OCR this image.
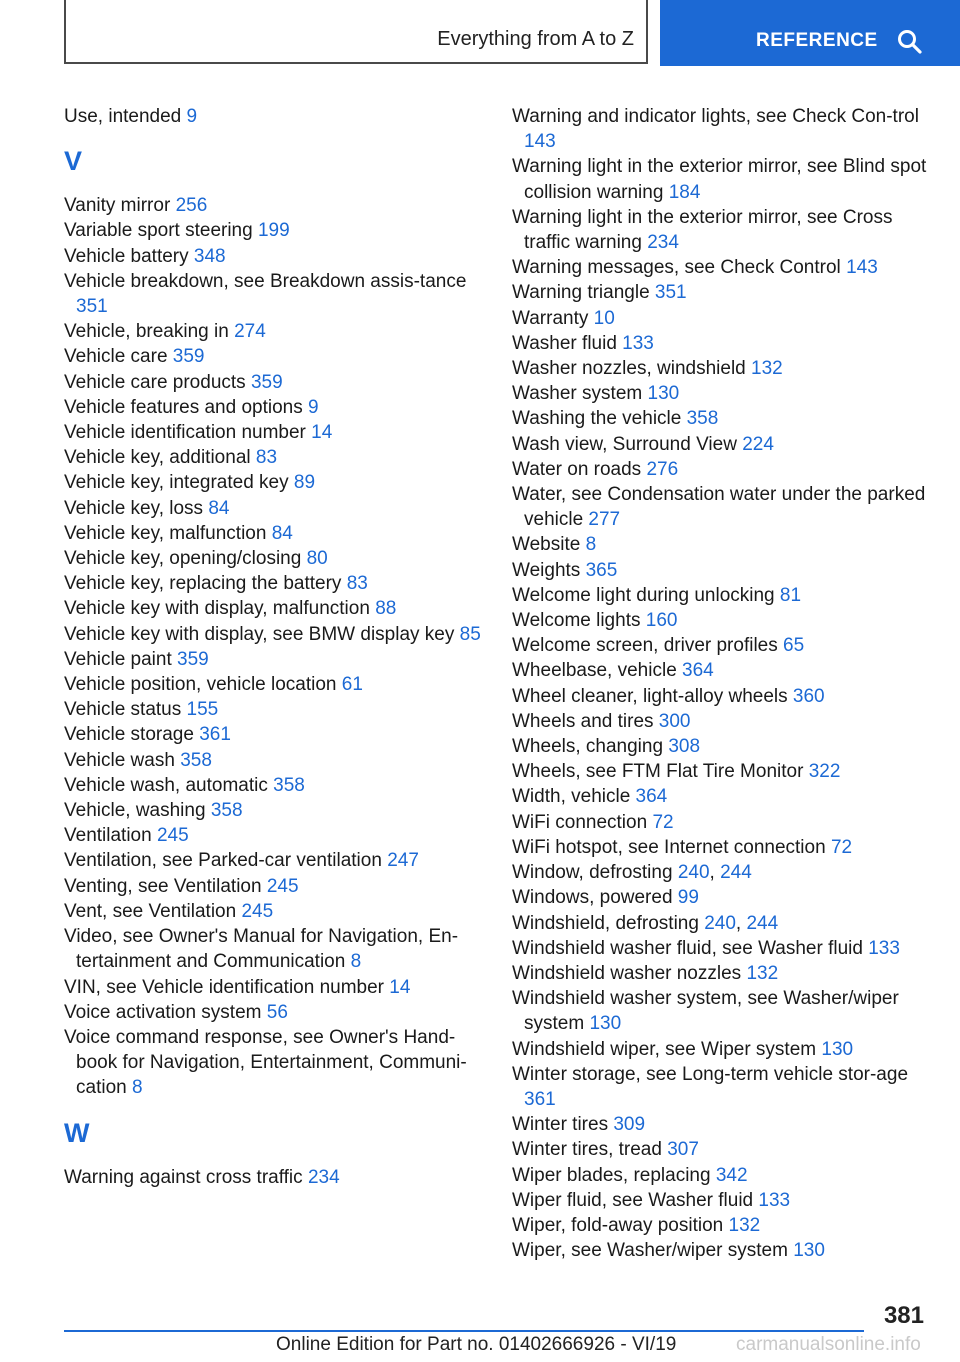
Everything from A to Z	REFERENCE
Use, intended 9
V
Vanity mirror 256
Variable sport steering 199
Vehicle battery 348
Vehicle breakdown, see Breakdown assis-tance 351
Vehicle, breaking in 274
Vehicle care 359
Vehicle care products 359
Vehicle features and options 9
Vehicle identification number 14
Vehicle key, additional 83
Vehicle key, integrated key 89
Vehicle key, loss 84
Vehicle key, malfunction 84
Vehicle key, opening/closing 80
Vehicle key, replacing the battery 83
Vehicle key with display, malfunction 88
Vehicle key with display, see BMW display key 85
Vehicle paint 359
Vehicle position, vehicle location 61
Vehicle status 155
Vehicle storage 361
Vehicle wash 358
Vehicle wash, automatic 358
Vehicle, washing 358
Ventilation 245
Ventilation, see Parked-car ventilation 247
Venting, see Ventilation 245
Vent, see Ventilation 245
Video, see Owner's Manual for Navigation, En-tertainment and Communication 8
VIN, see Vehicle identification number 14
Voice activation system 56
Voice command response, see Owner's Hand-book for Navigation, Entertainment, Communi-cation 8
W
Warning against cross traffic 234
Warning and indicator lights, see Check Con-trol 143
Warning light in the exterior mirror, see Blind spot collision warning 184
Warning light in the exterior mirror, see Cross traffic warning 234
Warning messages, see Check Control 143
Warning triangle 351
Warranty 10
Washer fluid 133
Washer nozzles, windshield 132
Washer system 130
Washing the vehicle 358
Wash view, Surround View 224
Water on roads 276
Water, see Condensation water under the parked vehicle 277
Website 8
Weights 365
Welcome light during unlocking 81
Welcome lights 160
Welcome screen, driver profiles 65
Wheelbase, vehicle 364
Wheel cleaner, light-alloy wheels 360
Wheels and tires 300
Wheels, changing 308
Wheels, see FTM Flat Tire Monitor 322
Width, vehicle 364
WiFi connection 72
WiFi hotspot, see Internet connection 72
Window, defrosting 240, 244
Windows, powered 99
Windshield, defrosting 240, 244
Windshield washer fluid, see Washer fluid 133
Windshield washer nozzles 132
Windshield washer system, see Washer/wiper system 130
Windshield wiper, see Wiper system 130
Winter storage, see Long-term vehicle stor-age 361
Winter tires 309
Winter tires, tread 307
Wiper blades, replacing 342
Wiper fluid, see Washer fluid 133
Wiper, fold-away position 132
Wiper, see Washer/wiper system 130
381
Online Edition for Part no. 01402666926 - VI/19	carmanualsonline.info
